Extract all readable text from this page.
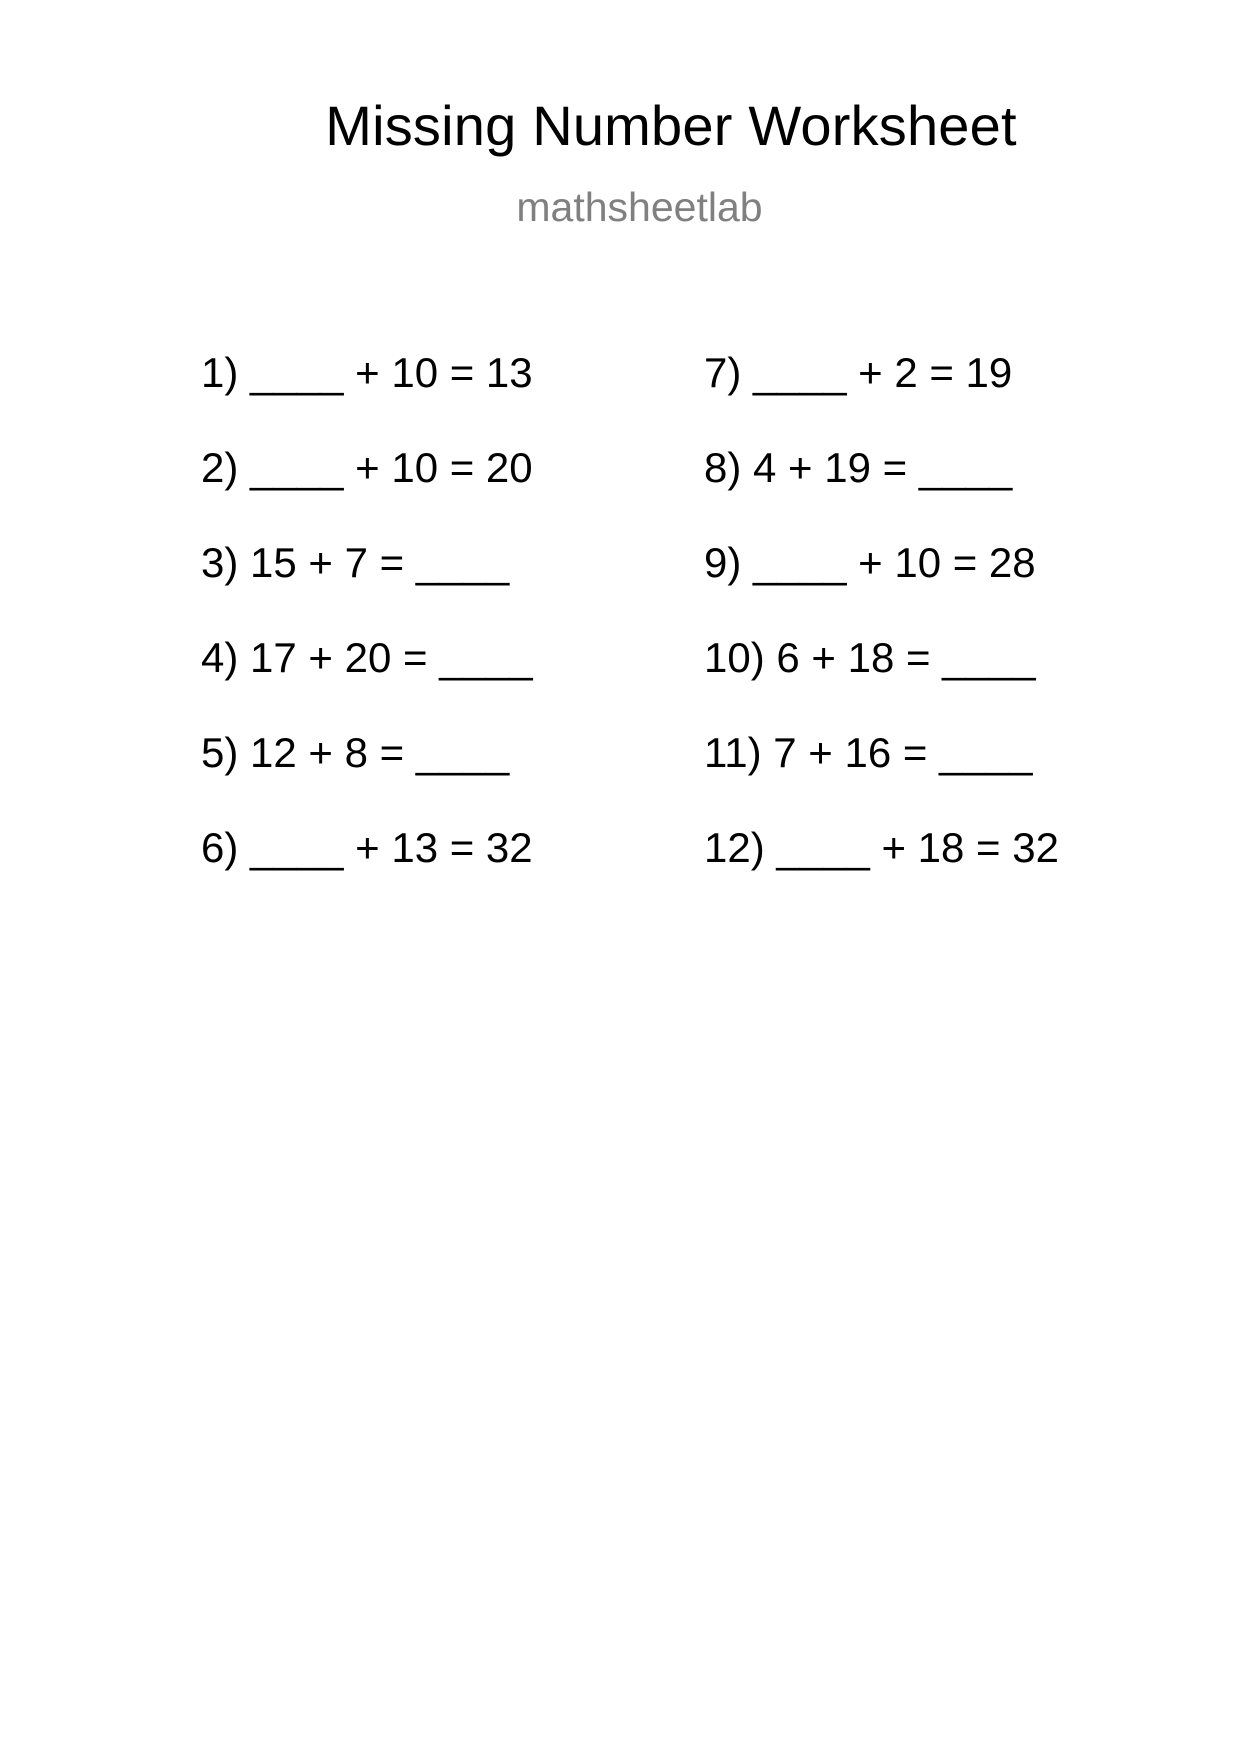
Missing Number Worksheet
mathsheetlab
1) ____ + 10 = 13
2) ____ + 10 = 20
3) 15 + 7 = ____
4) 17 + 20 = ____
5) 12 + 8 = ____
6) ____ + 13 = 32
7) ____ + 2 = 19
8) 4 + 19 = ____
9) ____ + 10 = 28
10) 6 + 18 = ____
11) 7 + 16 = ____
12) ____ + 18 = 32
